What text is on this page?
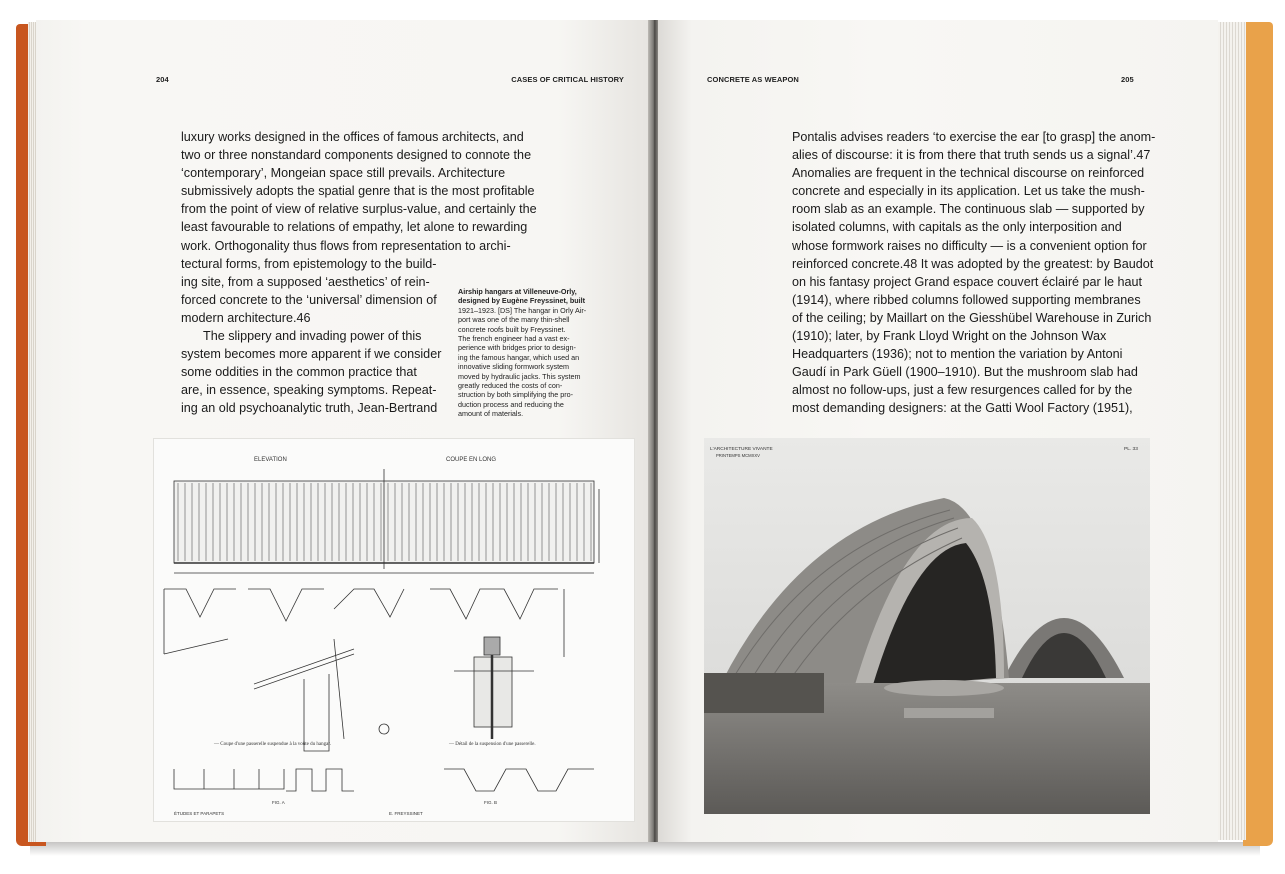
204	CASES OF CRITICAL HISTORY
luxury works designed in the offices of famous architects, and
two or three nonstandard components designed to connote the
‘contemporary’, Mongeian space still prevails. Architecture
submissively adopts the spatial genre that is the most profitable
from the point of view of relative surplus-value, and certainly the
least favourable to relations of empathy, let alone to rewarding
work. Orthogonality thus flows from representation to archi-
tectural forms, from epistemology to the build-
ing site, from a supposed ‘aesthetics’ of rein-
forced concrete to the ‘universal’ dimension of
modern architecture.46
The slippery and invading power of this
system becomes more apparent if we consider
some oddities in the common practice that
are, in essence, speaking symptoms. Repeat-
ing an old psychoanalytic truth, Jean-Bertrand
Airship hangars at Villeneuve-Orly,
designed by Eugène Freyssinet, built
1921–1923. [DS] The hangar in Orly Air-
port was one of the many thin-shell
concrete roofs built by Freyssinet.
The french engineer had a vast ex-
perience with bridges prior to design-
ing the famous hangar, which used an
innovative sliding formwork system
moved by hydraulic jacks. This system
greatly reduced the costs of con-
struction by both simplifying the pro-
duction process and reducing the
amount of materials.
ELEVATION	COUPE EN LONG
— Coupe d'une passerelle suspendue à la voûte du hangar.	— Détail de la suspension d'une passerelle.
FIG. A	FIG. B
ÉTUDES ET PARAPETS	E. FREYSSINET
CONCRETE AS WEAPON	205
Pontalis advises readers ‘to exercise the ear [to grasp] the anom-
alies of discourse: it is from there that truth sends us a signal’.47
Anomalies are frequent in the technical discourse on reinforced
concrete and especially in its application. Let us take the mush-
room slab as an example. The continuous slab — supported by
isolated columns, with capitals as the only interposition and
whose formwork raises no difficulty — is a convenient option for
reinforced concrete.48 It was adopted by the greatest: by Baudot
on his fantasy project Grand espace couvert éclairé par le haut
(1914), where ribbed columns followed supporting membranes
of the ceiling; by Maillart on the Giesshübel Warehouse in Zurich
(1910); later, by Frank Lloyd Wright on the Johnson Wax
Headquarters (1936); not to mention the variation by Antoni
Gaudí in Park Güell (1900–1910). But the mushroom slab had
almost no follow-ups, just a few resurgences called for by the
most demanding designers: at the Gatti Wool Factory (1951),
L'ARCHITECTURE VIVANTE
PRINTEMPS MCMXXV
PL. 33
